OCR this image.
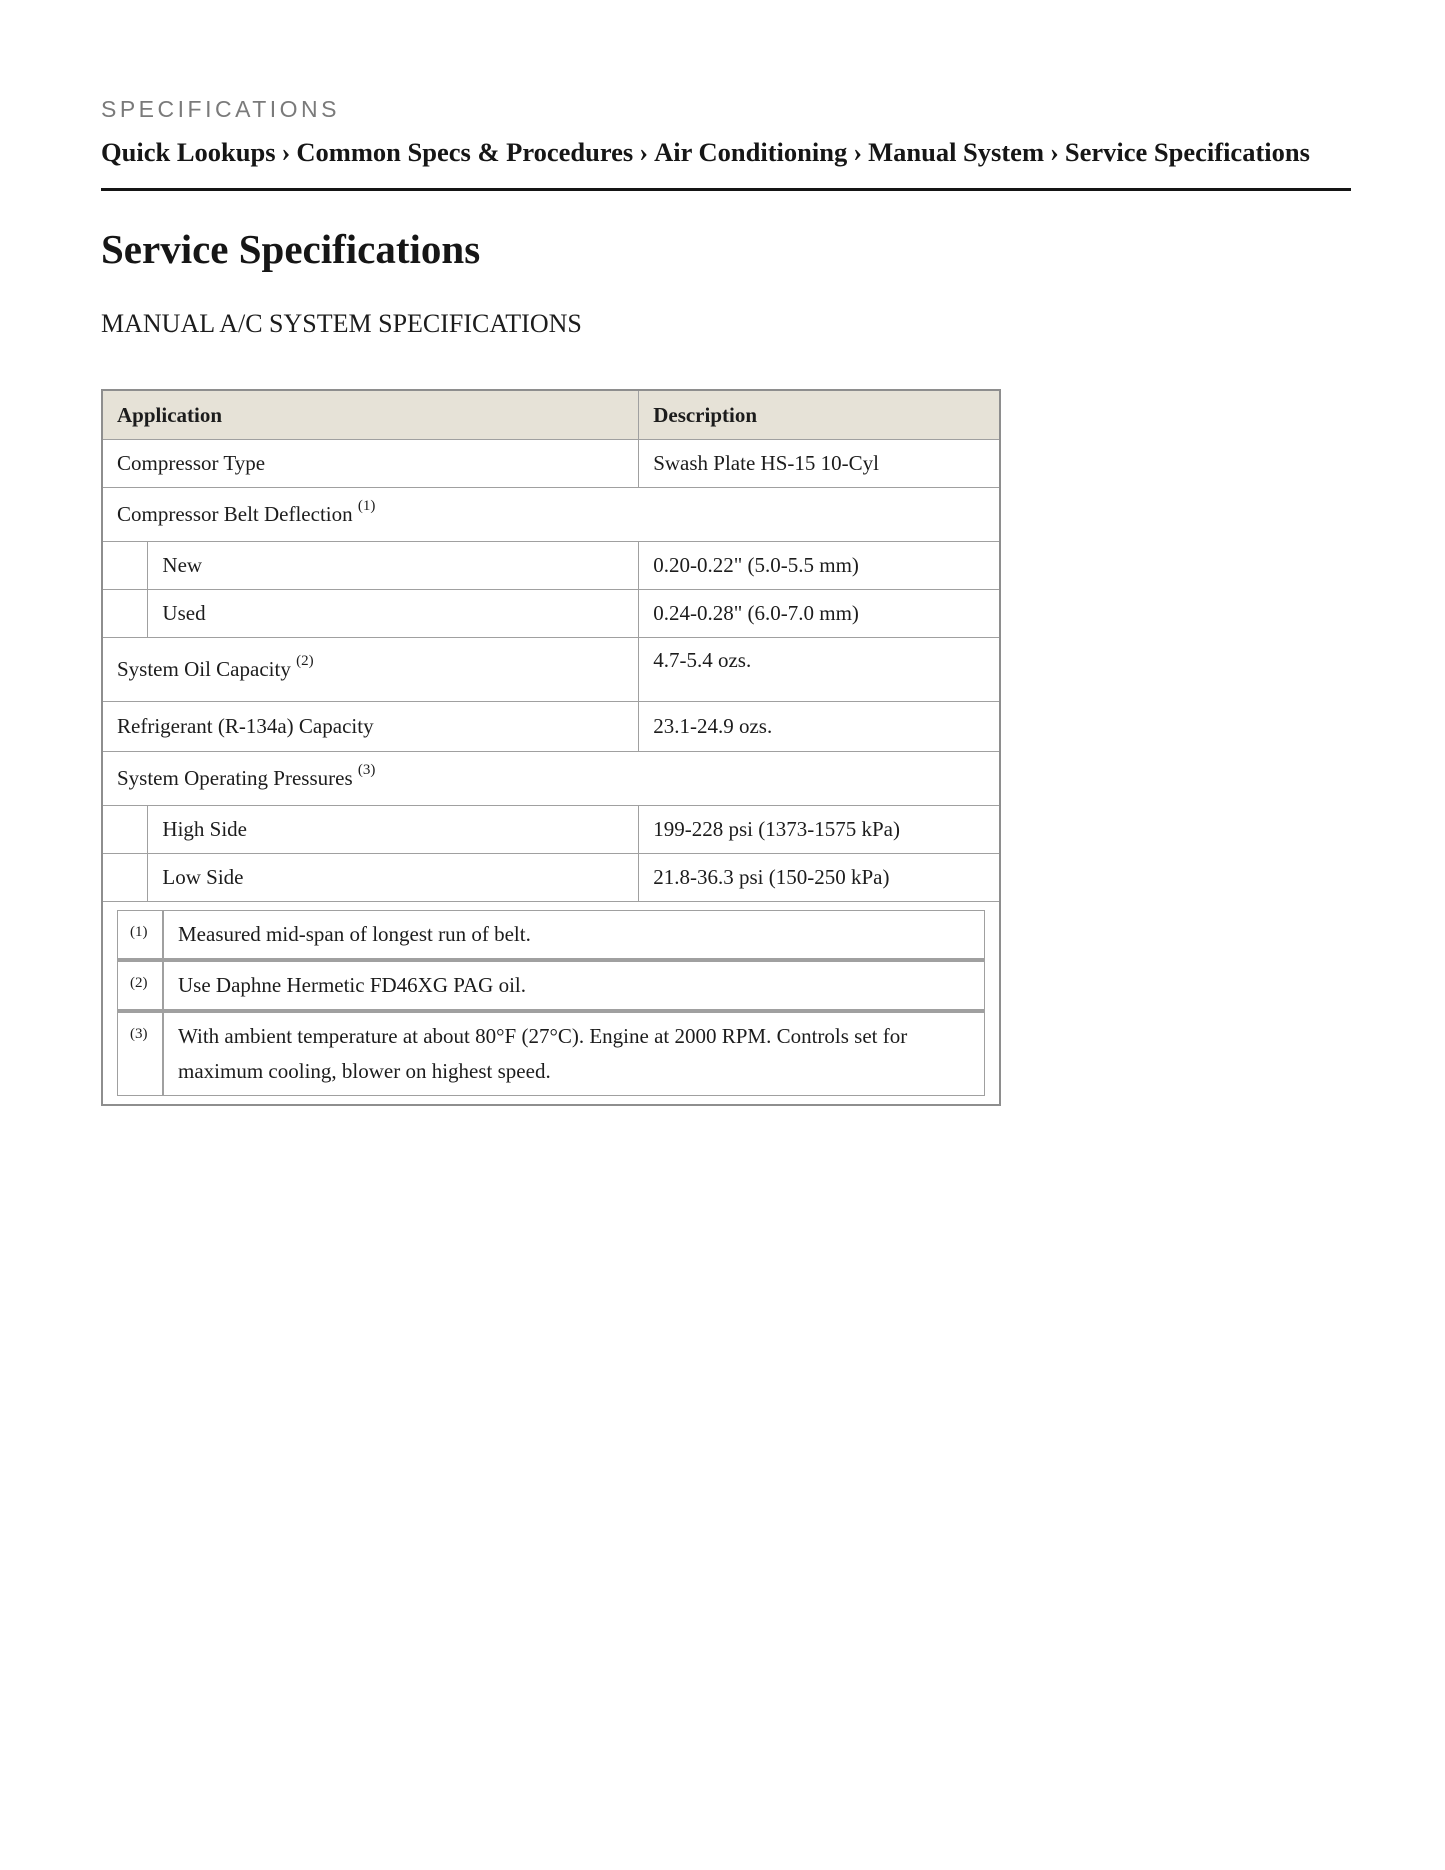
SPECIFICATIONS
Quick Lookups › Common Specs & Procedures › Air Conditioning › Manual System › Service Specifications
Service Specifications
MANUAL A/C SYSTEM SPECIFICATIONS
Application	Description
Compressor Type	Swash Plate HS-15 10-Cyl
Compressor Belt Deflection $^{(1)}$
	New	0.20-0.22" (5.0-5.5 mm)
	Used	0.24-0.28" (6.0-7.0 mm)
System Oil Capacity $^{(2)}$	4.7-5.4 ozs.
Refrigerant (R-134a) Capacity	23.1-24.9 ozs.
System Operating Pressures $^{(3)}$
	High Side	199-228 psi (1373-1575 kPa)
	Low Side	21.8-36.3 psi (150-250 kPa)

(1)	Measured mid-span of longest run of belt.
(2)	Use Daphne Hermetic FD46XG PAG oil.
(3)	With ambient temperature at about 80°F (27°C). Engine at 2000 RPM. Controls set for maximum cooling, blower on highest speed.
